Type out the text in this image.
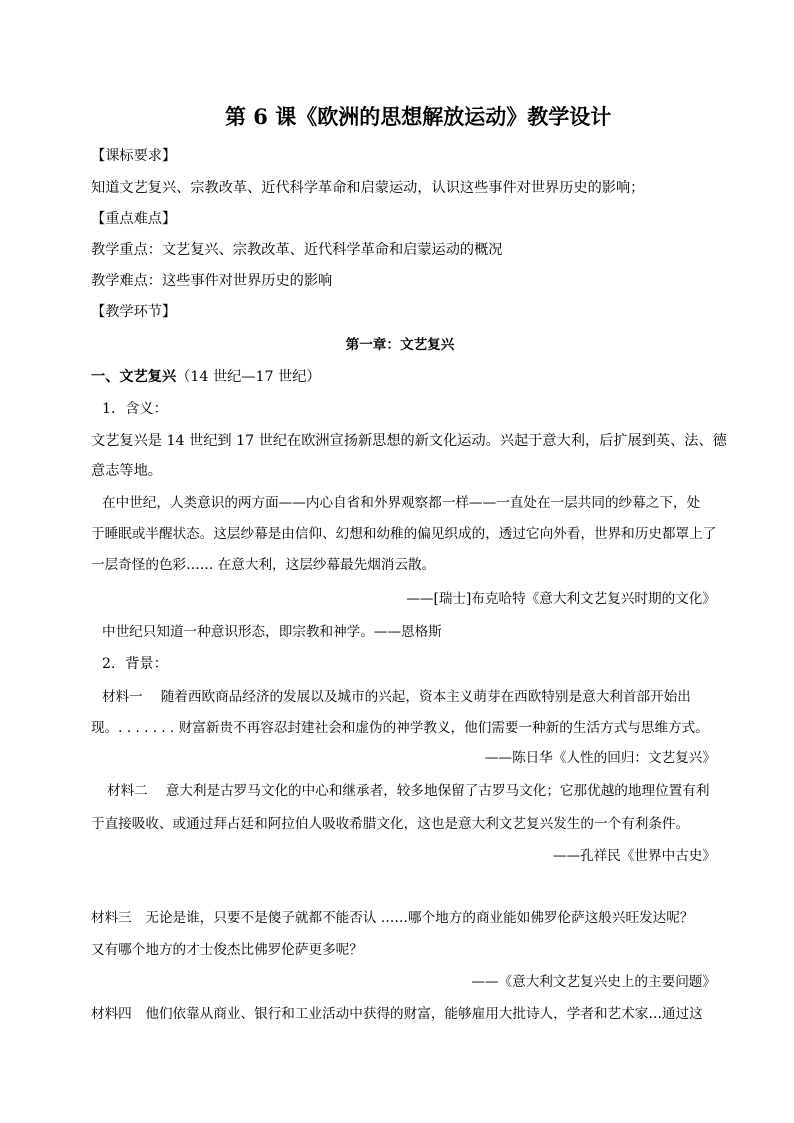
第 6 课《欧洲的思想解放运动》教学设计
【课标要求】
知道文艺复兴、宗教改革、近代科学革命和启蒙运动，认识这些事件对世界历史的影响；
【重点难点】
教学重点：文艺复兴、宗教改革、近代科学革命和启蒙运动的概况
教学难点：这些事件对世界历史的影响
【教学环节】
第一章：文艺复兴
一、文艺复兴（14 世纪—17 世纪）
1．含义：
文艺复兴是 14 世纪到 17 世纪在欧洲宣扬新思想的新文化运动。兴起于意大利，后扩展到英、法、德
意志等地。
在中世纪，人类意识的两方面——内心自省和外界观察都一样——一直处在一层共同的纱幕之下，处
于睡眠或半醒状态。这层纱幕是由信仰、幻想和幼稚的偏见织成的，透过它向外看，世界和历史都罩上了
一层奇怪的色彩…… 在意大利，这层纱幕最先烟消云散。
——[瑞士]布克哈特《意大利文艺复兴时期的文化》
中世纪只知道一种意识形态，即宗教和神学。——恩格斯
2．背景：
材料一　 随着西欧商品经济的发展以及城市的兴起，资本主义萌芽在西欧特别是意大利首部开始出
现。. . . . . . . 财富新贵不再容忍封建社会和虚伪的神学教义，他们需要一种新的生活方式与思维方式。
——陈日华《人性的回归：文艺复兴》
材料二　 意大利是古罗马文化的中心和继承者，较多地保留了古罗马文化；它那优越的地理位置有利
于直接吸收、或通过拜占廷和阿拉伯人吸收希腊文化，这也是意大利文艺复兴发生的一个有利条件。
——孔祥民《世界中古史》
材料三　无论是谁，只要不是傻子就都不能否认 ……哪个地方的商业能如佛罗伦萨这般兴旺发达呢？
又有哪个地方的才士俊杰比佛罗伦萨更多呢？
——《意大利文艺复兴史上的主要问题》
材料四　他们依靠从商业、银行和工业活动中获得的财富，能够雇用大批诗人，学者和艺术家…通过这
